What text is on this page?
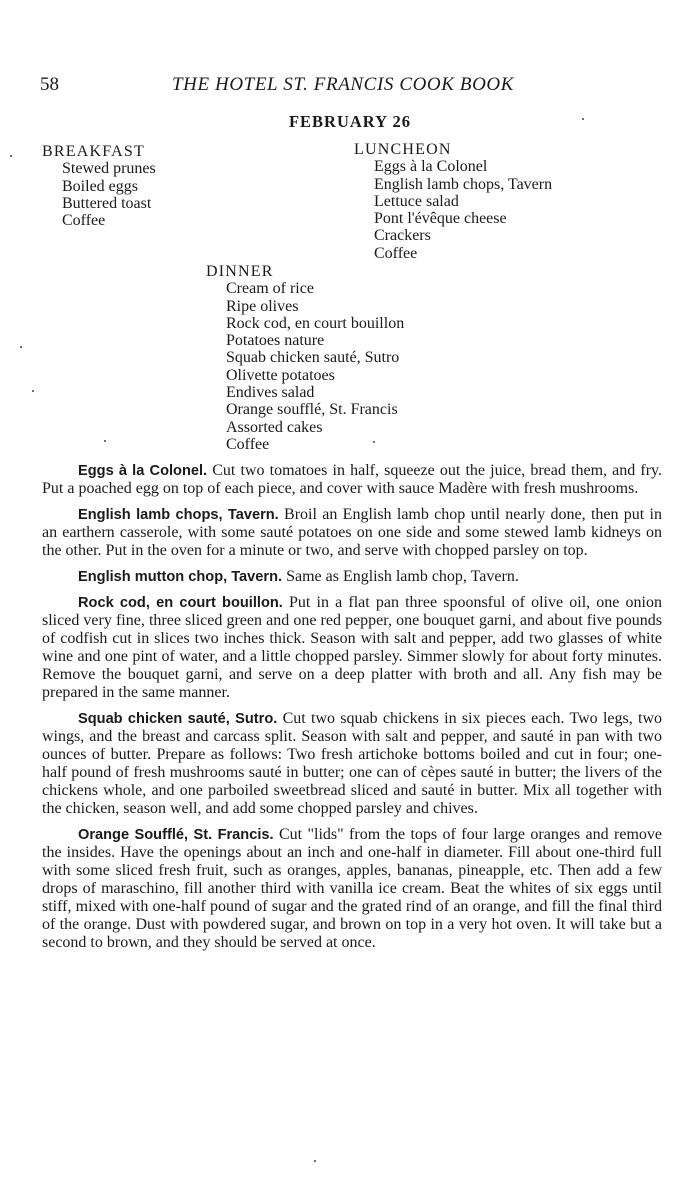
58	THE HOTEL ST. FRANCIS COOK BOOK
FEBRUARY 26
BREAKFAST
Stewed prunes
Boiled eggs
Buttered toast
Coffee
LUNCHEON
Eggs à la Colonel
English lamb chops, Tavern
Lettuce salad
Pont l'évêque cheese
Crackers
Coffee
DINNER
Cream of rice
Ripe olives
Rock cod, en court bouillon
Potatoes nature
Squab chicken sauté, Sutro
Olivette potatoes
Endives salad
Orange soufflé, St. Francis
Assorted cakes
Coffee

Eggs à la Colonel. Cut two tomatoes in half, squeeze out the juice, bread them, and fry. Put a poached egg on top of each piece, and cover with sauce Madère with fresh mushrooms.

English lamb chops, Tavern. Broil an English lamb chop until nearly done, then put in an earthern casserole, with some sauté potatoes on one side and some stewed lamb kidneys on the other. Put in the oven for a minute or two, and serve with chopped parsley on top.

English mutton chop, Tavern. Same as English lamb chop, Tavern.

Rock cod, en court bouillon. Put in a flat pan three spoonsful of olive oil, one onion sliced very fine, three sliced green and one red pepper, one bouquet garni, and about five pounds of codfish cut in slices two inches thick. Season with salt and pepper, add two glasses of white wine and one pint of water, and a little chopped parsley. Simmer slowly for about forty minutes. Remove the bouquet garni, and serve on a deep platter with broth and all. Any fish may be prepared in the same manner.

Squab chicken sauté, Sutro. Cut two squab chickens in six pieces each. Two legs, two wings, and the breast and carcass split. Season with salt and pepper, and sauté in pan with two ounces of butter. Prepare as follows: Two fresh artichoke bottoms boiled and cut in four; one-half pound of fresh mushrooms sauté in butter; one can of cèpes sauté in butter; the livers of the chickens whole, and one parboiled sweetbread sliced and sauté in butter. Mix all together with the chicken, season well, and add some chopped parsley and chives.

Orange Soufflé, St. Francis. Cut "lids" from the tops of four large oranges and remove the insides. Have the openings about an inch and one-half in diameter. Fill about one-third full with some sliced fresh fruit, such as oranges, apples, bananas, pineapple, etc. Then add a few drops of maraschino, fill another third with vanilla ice cream. Beat the whites of six eggs until stiff, mixed with one-half pound of sugar and the grated rind of an orange, and fill the final third of the orange. Dust with powdered sugar, and brown on top in a very hot oven. It will take but a second to brown, and they should be served at once.
